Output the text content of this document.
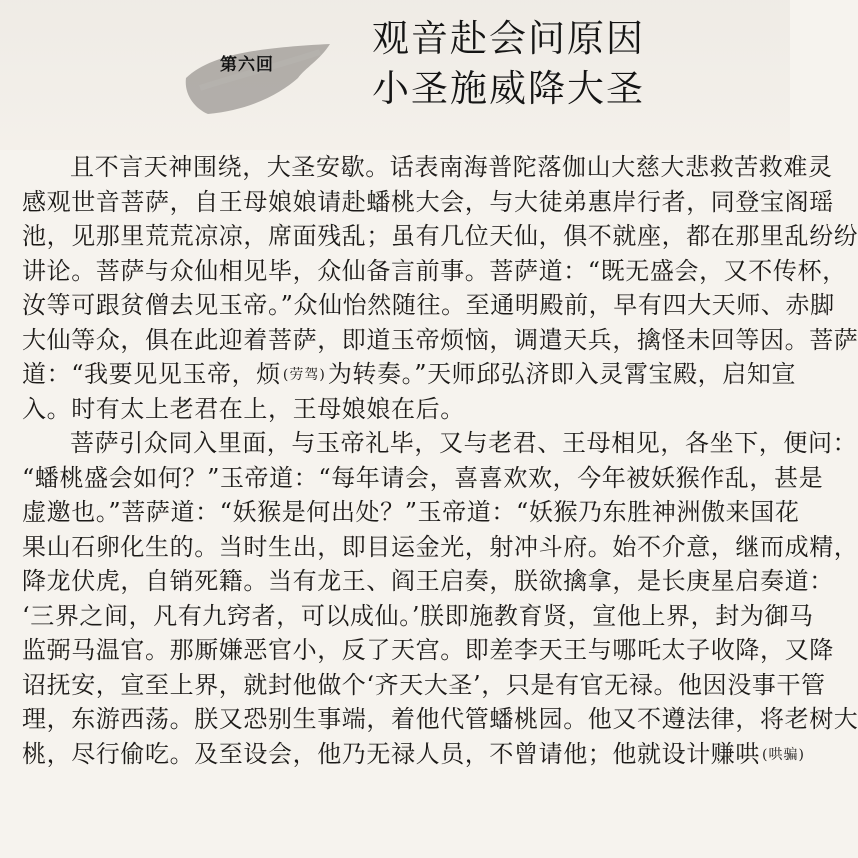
第六回
观音赴会问原因
小圣施威降大圣
且不言天神围绕，大圣安歇。话表南海普陀落伽山大慈大悲救苦救难灵
感观世音菩萨，自王母娘娘请赴蟠桃大会，与大徒弟惠岸行者，同登宝阁瑶
池，见那里荒荒凉凉，席面残乱；虽有几位天仙，俱不就座，都在那里乱纷纷
讲论。菩萨与众仙相见毕，众仙备言前事。菩萨道：“既无盛会，又不传杯，
汝等可跟贫僧去见玉帝。”众仙怡然随往。至通明殿前，早有四大天师、赤脚
大仙等众，俱在此迎着菩萨，即道玉帝烦恼，调遣天兵，擒怪未回等因。菩萨
道：“我要见见玉帝，烦 (劳驾)为转奏。”天师邱弘济即入灵霄宝殿，启知宣
入。时有太上老君在上，王母娘娘在后。
菩萨引众同入里面，与玉帝礼毕，又与老君、王母相见，各坐下，便问：
“蟠桃盛会如何？”玉帝道：“每年请会，喜喜欢欢，今年被妖猴作乱，甚是
虚邀也。”菩萨道：“妖猴是何出处？”玉帝道：“妖猴乃东胜神洲傲来国花
果山石卵化生的。当时生出，即目运金光，射冲斗府。始不介意，继而成精，
降龙伏虎，自销死籍。当有龙王、阎王启奏，朕欲擒拿，是长庚星启奏道：
‘三界之间，凡有九窍者，可以成仙。’朕即施教育贤，宣他上界，封为御马
监弼马温官。那厮嫌恶官小，反了天宫。即差李天王与哪吒太子收降，又降
诏抚安，宣至上界，就封他做个‘齐天大圣’，只是有官无禄。他因没事干管
理，东游西荡。朕又恐别生事端，着他代管蟠桃园。他又不遵法律，将老树大
桃，尽行偷吃。及至设会，他乃无禄人员，不曾请他；他就设计赚哄 (哄骗)
